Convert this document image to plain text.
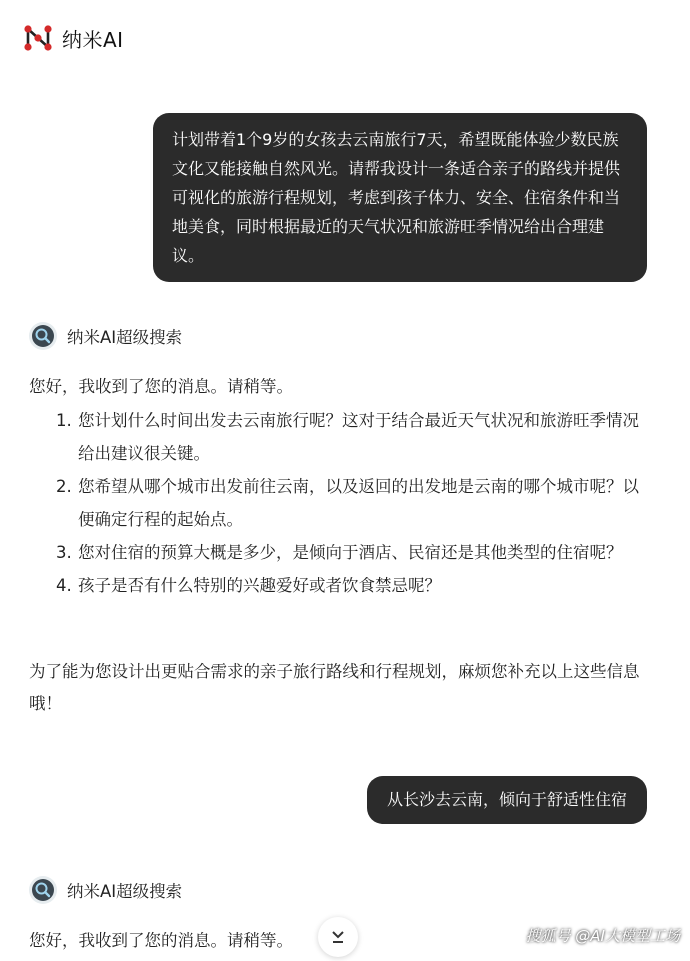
纳米AI
计划带着1个9岁的女孩去云南旅行7天，希望既能体验少数民族文化又能接触自然风光。请帮我设计一条适合亲子的路线并提供可视化的旅游行程规划，考虑到孩子体力、安全、住宿条件和当地美食，同时根据最近的天气状况和旅游旺季情况给出合理建议。
纳米AI超级搜索

您好，我收到了您的消息。请稍等。

1. 您计划什么时间出发去云南旅行呢？这对于结合最近天气状况和旅游旺季情况给出建议很关键。
2. 您希望从哪个城市出发前往云南，以及返回的出发地是云南的哪个城市呢？以便确定行程的起始点。
3. 您对住宿的预算大概是多少，是倾向于酒店、民宿还是其他类型的住宿呢？
4. 孩子是否有什么特别的兴趣爱好或者饮食禁忌呢？

为了能为您设计出更贴合需求的亲子旅行路线和行程规划，麻烦您补充以上这些信息哦！

从长沙去云南，倾向于舒适性住宿
纳米AI超级搜索

您好，我收到了您的消息。请稍等。	搜狐号 @AI大模型工场
